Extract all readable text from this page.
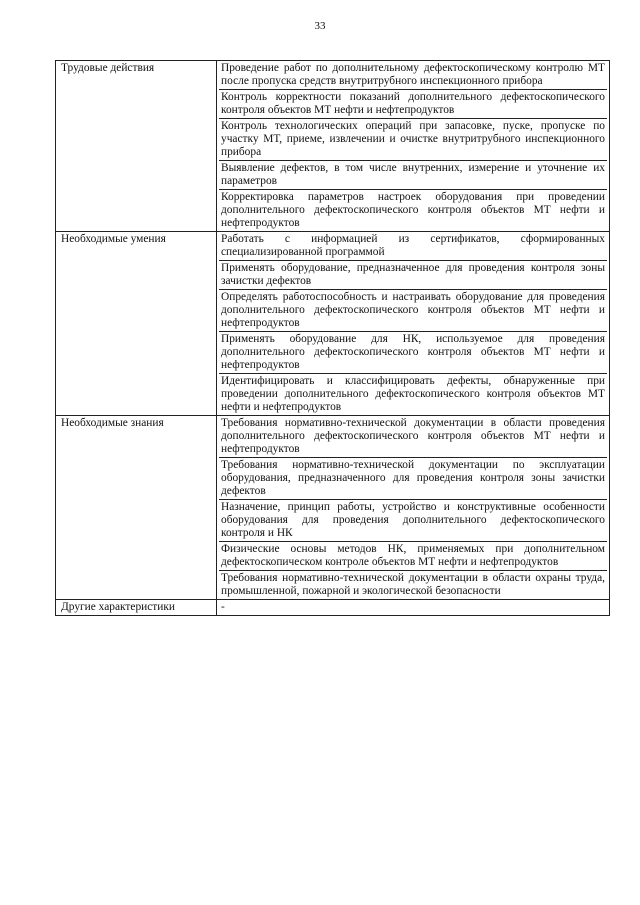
33
Трудовые действия	Проведение работ по дополнительному дефектоскопическому контролю МТ после пропуска средств внутритрубного инспекционного прибора
Контроль корректности показаний дополнительного дефектоскопического контроля объектов МТ нефти и нефтепродуктов
Контроль технологических операций при запасовке, пуске, пропуске по участку МТ, приеме, извлечении и очистке внутритрубного инспекционного прибора
Выявление дефектов, в том числе внутренних, измерение и уточнение их параметров
Корректировка параметров настроек оборудования при проведении дополнительного дефектоскопического контроля объектов МТ нефти и нефтепродуктов

Необходимые умения	Работать с информацией из сертификатов, сформированных специализированной программой
Применять оборудование, предназначенное для проведения контроля зоны зачистки дефектов
Определять работоспособность и настраивать оборудование для проведения дополнительного дефектоскопического контроля объектов МТ нефти и нефтепродуктов
Применять оборудование для НК, используемое для проведения дополнительного дефектоскопического контроля объектов МТ нефти и нефтепродуктов
Идентифицировать и классифицировать дефекты, обнаруженные при проведении дополнительного дефектоскопического контроля объектов МТ нефти и нефтепродуктов

Необходимые знания	Требования нормативно-технической документации в области проведения дополнительного дефектоскопического контроля объектов МТ нефти и нефтепродуктов
Требования нормативно-технической документации по эксплуатации оборудования, предназначенного для проведения контроля зоны зачистки дефектов
Назначение, принцип работы, устройство и конструктивные особенности оборудования для проведения дополнительного дефектоскопического контроля и НК
Физические основы методов НК, применяемых при дополнительном дефектоскопическом контроле объектов МТ нефти и нефтепродуктов
Требования нормативно-технической документации в области охраны труда, промышленной, пожарной и экологической безопасности

Другие характеристики	-
